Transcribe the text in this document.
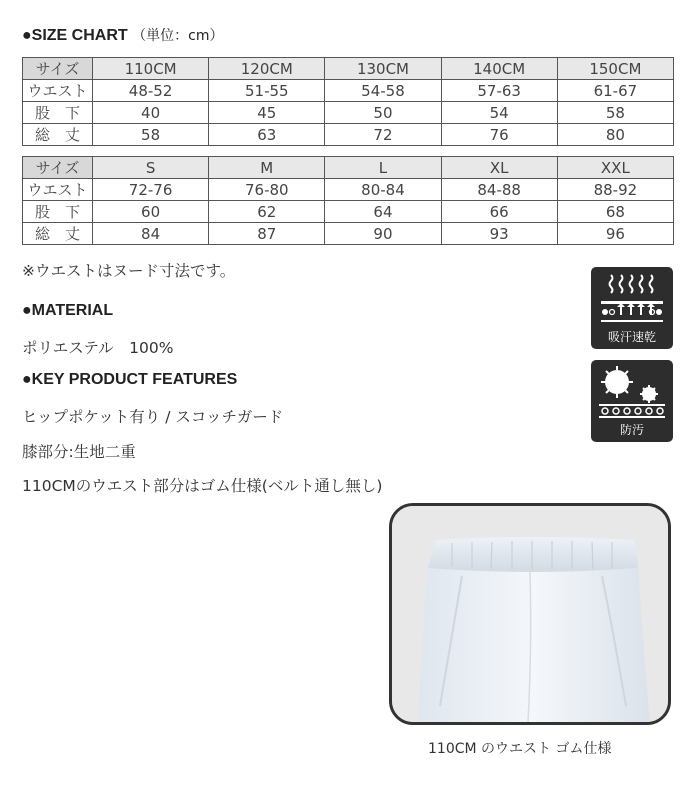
●SIZE CHART （単位：cm）
サイズ	110CM	120CM	130CM	140CM	150CM
ウエスト	48-52	51-55	54-58	57-63	61-67
股　下	40	45	50	54	58
総　丈	58	63	72	76	80
サイズ	S	M	L	XL	XXL
ウエスト	72-76	76-80	80-84	84-88	88-92
股　下	60	62	64	66	68
総　丈	84	87	90	93	96
※ウエストはヌード寸法です。
●MATERIAL
ポリエステル　100%
●KEY PRODUCT FEATURES
ヒップポケット有り / スコッチガード
膝部分:生地二重
110CMのウエスト部分はゴム仕様(ベルト通し無し)
吸汗速乾
防汚
110CM のウエスト ゴム仕様
